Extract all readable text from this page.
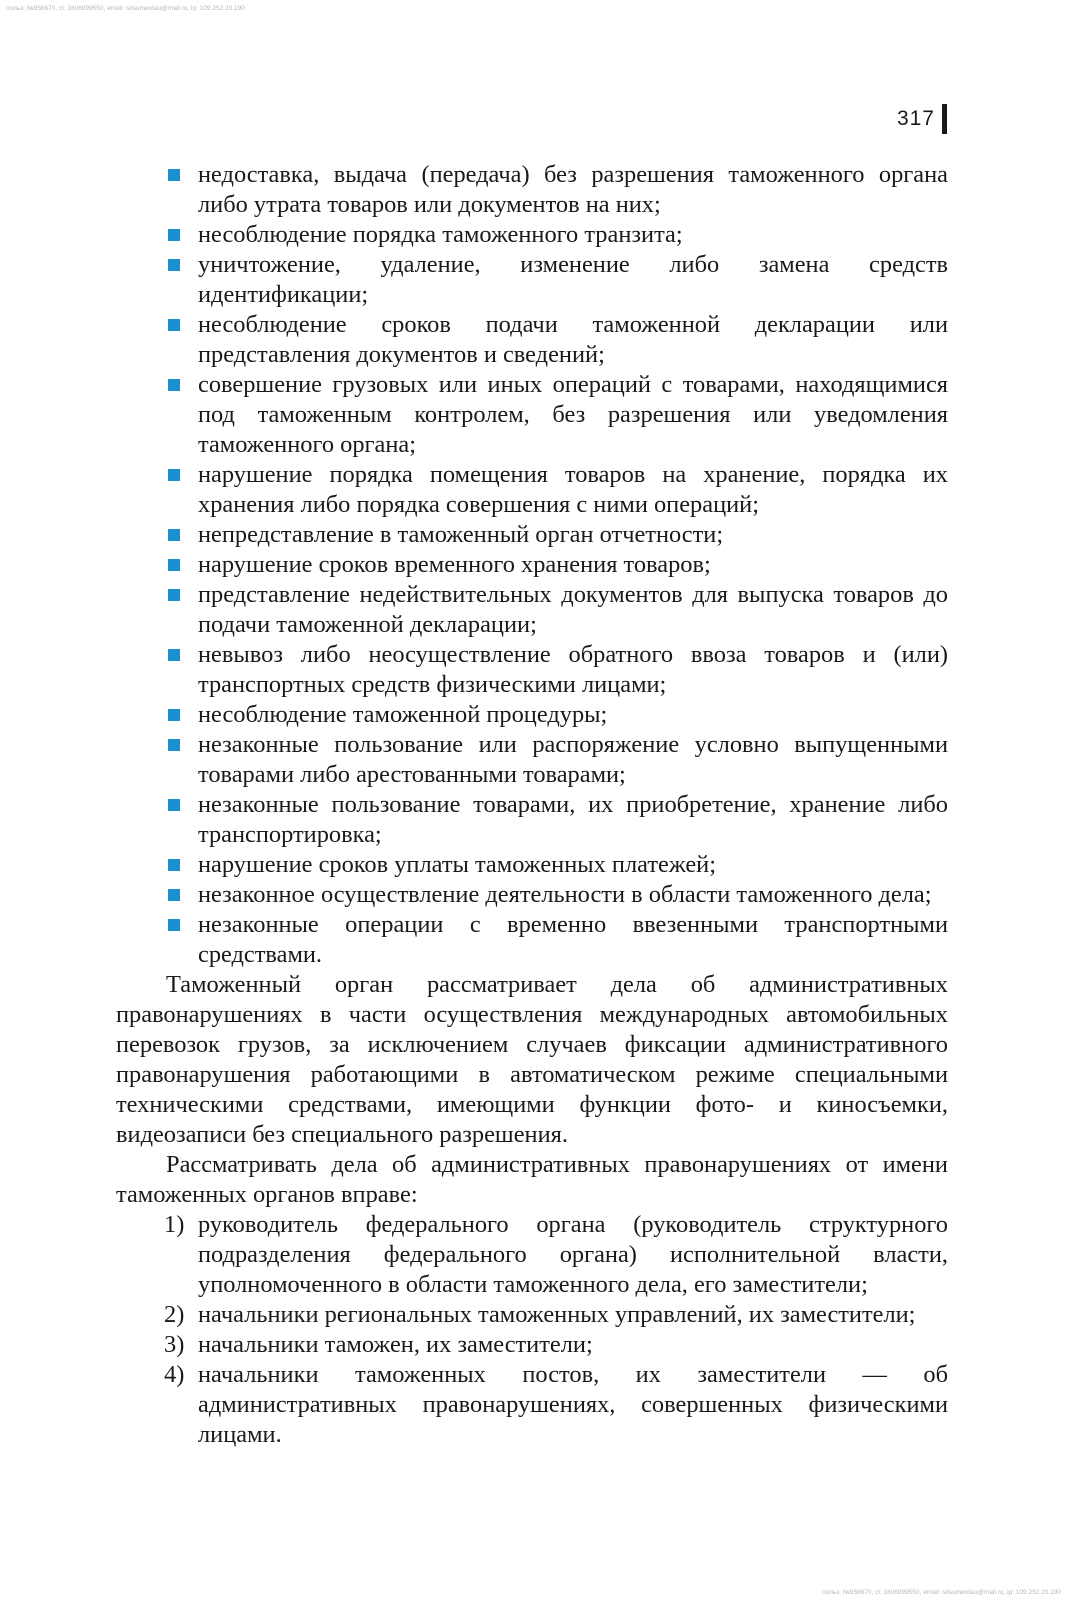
польз. №956670, cl: 1606999550, email: sitsumentau@mail.ru, ip: 109.252.20.190
317
недоставка, выдача (передача) без разрешения таможенного органа либо утрата товаров или документов на них;
несоблюдение порядка таможенного транзита;
уничтожение, удаление, изменение либо замена средств идентификации;
несоблюдение сроков подачи таможенной декларации или представления документов и сведений;
совершение грузовых или иных операций с товарами, находящимися под таможенным контролем, без разрешения или уведомления таможенного органа;
нарушение порядка помещения товаров на хранение, порядка их хранения либо порядка совершения с ними операций;
непредставление в таможенный орган отчетности;
нарушение сроков временного хранения товаров;
представление недействительных документов для выпуска товаров до подачи таможенной декларации;
невывоз либо неосуществление обратного ввоза товаров и (или) транспортных средств физическими лицами;
несоблюдение таможенной процедуры;
незаконные пользование или распоряжение условно выпущенными товарами либо арестованными товарами;
незаконные пользование товарами, их приобретение, хранение либо транспортировка;
нарушение сроков уплаты таможенных платежей;
незаконное осуществление деятельности в области таможенного дела;
незаконные операции с временно ввезенными транспортными средствами.

Таможенный орган рассматривает дела об административных правонарушениях в части осуществления международных автомобильных перевозок грузов, за исключением случаев фиксации административного правонарушения работающими в автоматическом режиме специальными техническими средствами, имеющими функции фото- и киносъемки, видеозаписи без специального разрешения.

Рассматривать дела об административных правонарушениях от имени таможенных органов вправе:

1) руководитель федерального органа (руководитель структурного подразделения федерального органа) исполнительной власти, уполномоченного в области таможенного дела, его заместители;
2) начальники региональных таможенных управлений, их заместители;
3) начальники таможен, их заместители;
4) начальники таможенных постов, их заместители — об административных правонарушениях, совершенных физическими лицами.
польз. №956670, cl: 1606999550, email: sitsumentau@mail.ru, ip: 109.252.20.190
